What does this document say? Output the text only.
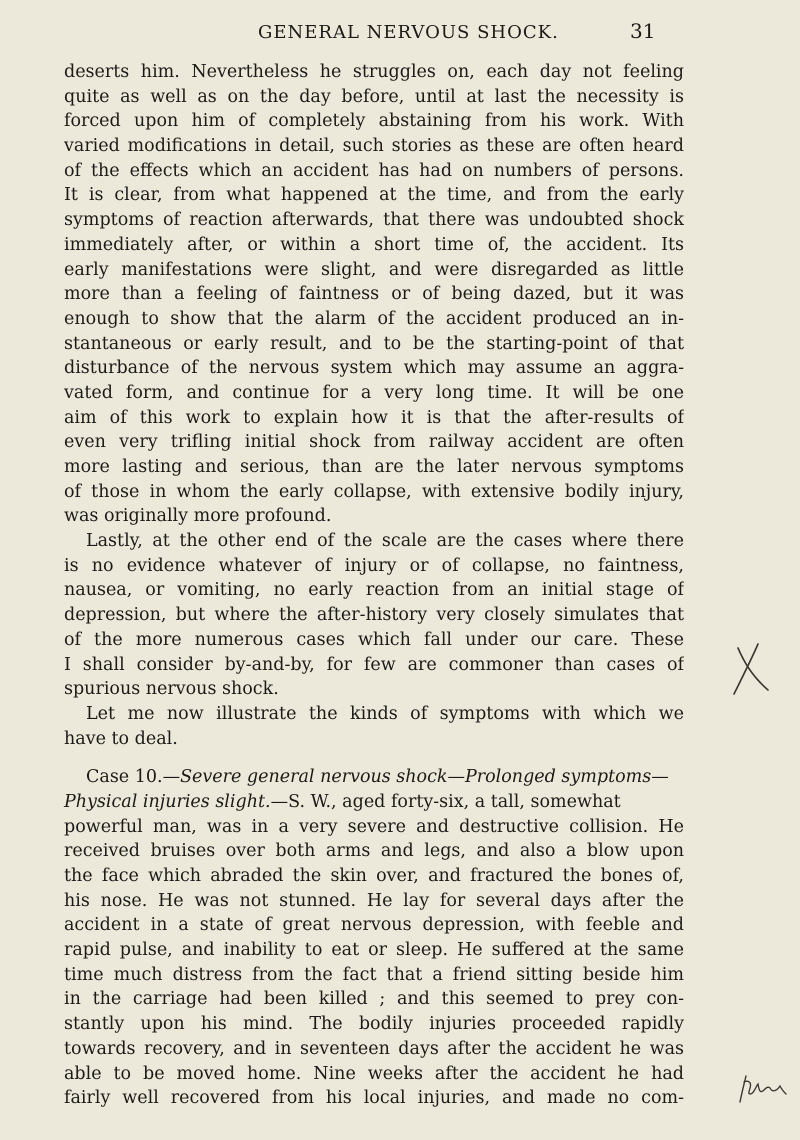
GENERAL NERVOUS SHOCK.	31
deserts him. Nevertheless he struggles on, each day not feeling
quite as well as on the day before, until at last the necessity is
forced upon him of completely abstaining from his work. With
varied modifications in detail, such stories as these are often heard
of the effects which an accident has had on numbers of persons.
It is clear, from what happened at the time, and from the early
symptoms of reaction afterwards, that there was undoubted shock
immediately after, or within a short time of, the accident. Its
early manifestations were slight, and were disregarded as little
more than a feeling of faintness or of being dazed, but it was
enough to show that the alarm of the accident produced an in-
stantaneous or early result, and to be the starting-point of that
disturbance of the nervous system which may assume an aggra-
vated form, and continue for a very long time. It will be one
aim of this work to explain how it is that the after-results of
even very trifling initial shock from railway accident are often
more lasting and serious, than are the later nervous symptoms
of those in whom the early collapse, with extensive bodily injury,
was originally more profound.
Lastly, at the other end of the scale are the cases where there
is no evidence whatever of injury or of collapse, no faintness,
nausea, or vomiting, no early reaction from an initial stage of
depression, but where the after-history very closely simulates that
of the more numerous cases which fall under our care. These
I shall consider by-and-by, for few are commoner than cases of
spurious nervous shock.
Let me now illustrate the kinds of symptoms with which we
have to deal.
Case 10.—Severe general nervous shock—Prolonged symptoms—
Physical injuries slight.—S. W., aged forty-six, a tall, somewhat
powerful man, was in a very severe and destructive collision. He
received bruises over both arms and legs, and also a blow upon
the face which abraded the skin over, and fractured the bones of,
his nose. He was not stunned. He lay for several days after the
accident in a state of great nervous depression, with feeble and
rapid pulse, and inability to eat or sleep. He suffered at the same
time much distress from the fact that a friend sitting beside him
in the carriage had been killed ; and this seemed to prey con-
stantly upon his mind. The bodily injuries proceeded rapidly
towards recovery, and in seventeen days after the accident he was
able to be moved home. Nine weeks after the accident he had
fairly well recovered from his local injuries, and made no com-
